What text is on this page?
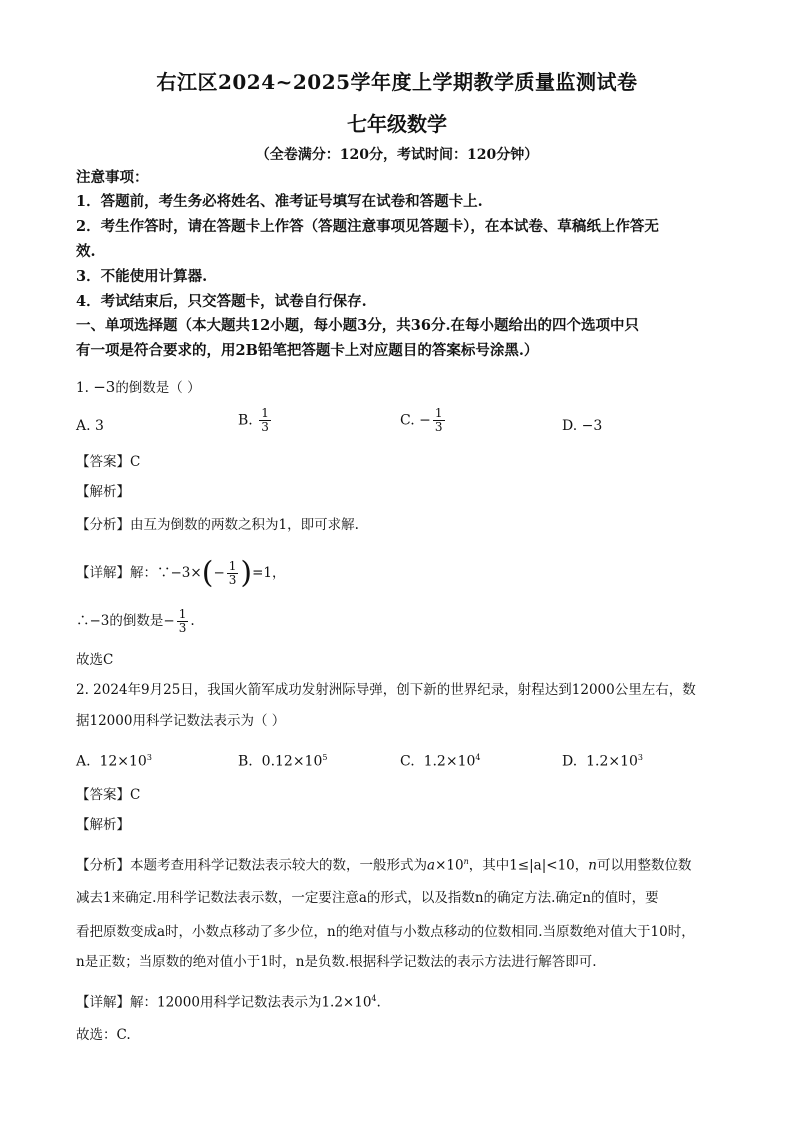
右江区2024~2025学年度上学期教学质量监测试卷
七年级数学
（全卷满分：120分，考试时间：120分钟）
注意事项：
1．答题前，考生务必将姓名、准考证号填写在试卷和答题卡上.
2．考生作答时，请在答题卡上作答（答题注意事项见答题卡），在本试卷、草稿纸上作答无
效.
3．不能使用计算器.
4．考试结束后，只交答题卡，试卷自行保存.
一、单项选择题（本大题共12小题，每小题3分，共36分.在每小题给出的四个选项中只
有一项是符合要求的，用2B铅笔把答题卡上对应题目的答案标号涂黑.）
1. −3的倒数是（ ）
A. 3	B. $\frac{1}{3}$	C. − $\frac{1}{3}$	D. −3
【答案】C
【解析】
【分析】由互为倒数的两数之积为1，即可求解.
【详解】解：∵−3×(− $\frac{1}{3} )=1$，
∴−3的倒数是− $\frac{1}{3}$ .
故选C
2. 2024年9月25日，我国火箭军成功发射洲际导弹，创下新的世界纪录，射程达到12000公里左右，数
据12000用科学记数法表示为（ ）
A. $12\times 10^3$	B. $0.12\times 10^5$	C. $1.2\times 10^4$	D. $1.2\times 10^3$
【答案】C
【解析】
【分析】本题考查用科学记数法表示较大的数，一般形式为$a\times 10^n$，其中1≤|a|<10，n可以用整数位数
减去1来确定.用科学记数法表示数，一定要注意a的形式，以及指数n的确定方法.确定n的值时，要
看把原数变成a时，小数点移动了多少位，n的绝对值与小数点移动的位数相同.当原数绝对值大于10时，
n是正数；当原数的绝对值小于1时，n是负数.根据科学记数法的表示方法进行解答即可.
【详解】解：12000用科学记数法表示为$1.2\times 10^4$.
故选：C.
